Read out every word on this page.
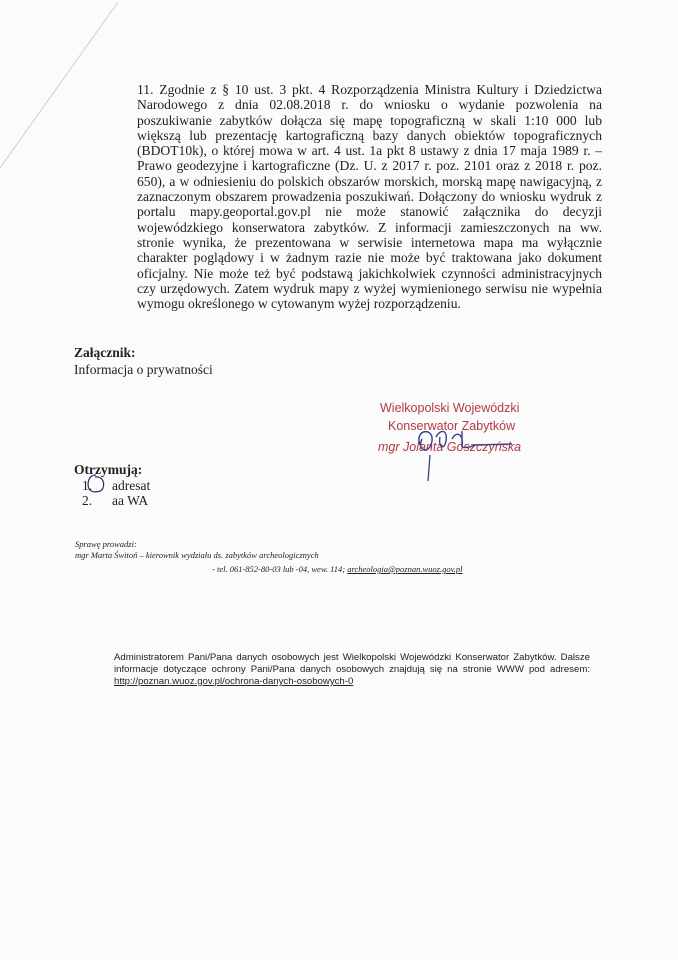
11. Zgodnie z § 10 ust. 3 pkt. 4 Rozporządzenia Ministra Kultury i Dziedzictwa Narodowego z dnia 02.08.2018 r. do wniosku o wydanie pozwolenia na poszukiwanie zabytków dołącza się mapę topograficzną w skali 1:10 000 lub większą lub prezentację kartograficzną bazy danych obiektów topograficznych (BDOT10k), o której mowa w art. 4 ust. 1a pkt 8 ustawy z dnia 17 maja 1989 r. – Prawo geodezyjne i kartograficzne (Dz. U. z 2017 r. poz. 2101 oraz z 2018 r. poz. 650), a w odniesieniu do polskich obszarów morskich, morską mapę nawigacyjną, z zaznaczonym obszarem prowadzenia poszukiwań. Dołączony do wniosku wydruk z portalu mapy.geoportal.gov.pl nie może stanowić załącznika do decyzji wojewódzkiego konserwatora zabytków. Z informacji zamieszczonych na ww. stronie wynika, że prezentowana w serwisie internetowa mapa ma wyłącznie charakter poglądowy i w żadnym razie nie może być traktowana jako dokument oficjalny. Nie może też być podstawą jakichkolwiek czynności administracyjnych czy urzędowych. Zatem wydruk mapy z wyżej wymienionego serwisu nie wypełnia wymogu określonego w cytowanym wyżej rozporządzeniu.

Załącznik:
Informacja o prywatności
Wielkopolski Wojewódzki
Konserwator Zabytków
mgr Jolanta Goszczyńska
Otrzymują:
1.	adresat
2.	aa WA
Sprawę prowadzi:
mgr Marta Świtoń – kierownik wydziału ds. zabytków archeologicznych
- tel. 061-852-80-03 lub -04, wew. 114; archeologia@poznan.wuoz.gov.pl

Administratorem Pani/Pana danych osobowych jest Wielkopolski Wojewódzki Konserwator Zabytków. Dalsze informacje dotyczące ochrony Pani/Pana danych osobowych znajdują się na stronie WWW pod adresem: http://poznan.wuoz.gov.pl/ochrona-danych-osobowych-0
